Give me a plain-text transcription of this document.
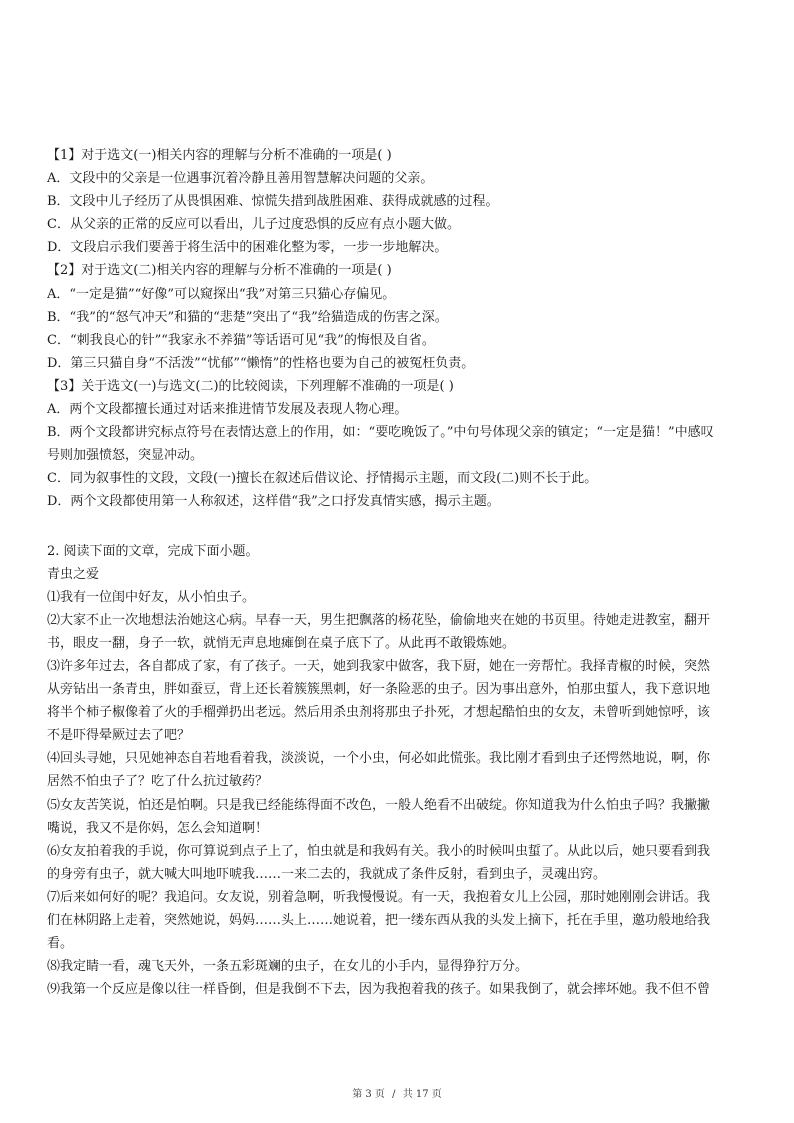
【1】对于选文(一)相关内容的理解与分析不准确的一项是( )
A．文段中的父亲是一位遇事沉着冷静且善用智慧解决问题的父亲。
B．文段中儿子经历了从畏惧困难、惊慌失措到战胜困难、获得成就感的过程。
C．从父亲的正常的反应可以看出，儿子过度恐惧的反应有点小题大做。
D．文段启示我们要善于将生活中的困难化整为零，一步一步地解决。
【2】对于选文(二)相关内容的理解与分析不准确的一项是( )
A．“一定是猫”“好像”可以窥探出“我”对第三只猫心存偏见。
B．“我”的“怒气冲天”和猫的“悲楚”突出了“我”给猫造成的伤害之深。
C．“刺我良心的针”“我家永不养猫”等话语可见“我”的悔恨及自省。
D．第三只猫自身“不活泼”“忧郁”“懒惰”的性格也要为自己的被冤枉负责。
【3】关于选文(一)与选文(二)的比较阅读，下列理解不准确的一项是( )
A．两个文段都擅长通过对话来推进情节发展及表现人物心理。
B．两个文段都讲究标点符号在表情达意上的作用，如：“要吃晚饭了。”中句号体现父亲的镇定；“一定是猫！”中感叹
号则加强愤怒，突显冲动。
C．同为叙事性的文段，文段(一)擅长在叙述后借议论、抒情揭示主题，而文段(二)则不长于此。
D．两个文段都使用第一人称叙述，这样借“我”之口抒发真情实感，揭示主题。
2. 阅读下面的文章，完成下面小题。
青虫之爱
⑴我有一位闺中好友，从小怕虫子。
⑵大家不止一次地想法治她这心病。早春一天，男生把飘落的杨花坠，偷偷地夹在她的书页里。待她走进教室，翻开
书，眼皮一翻，身子一软，就悄无声息地瘫倒在桌子底下了。从此再不敢锻炼她。
⑶许多年过去，各自都成了家，有了孩子。一天，她到我家中做客，我下厨，她在一旁帮忙。我择青椒的时候，突然
从旁钻出一条青虫，胖如蚕豆，背上还长着簇簇黑刺，好一条险恶的虫子。因为事出意外，怕那虫蜇人，我下意识地
将半个柿子椒像着了火的手榴弹扔出老远。然后用杀虫剂将那虫子扑死，才想起酷怕虫的女友，未曾听到她惊呼，该
不是吓得晕厥过去了吧？
⑷回头寻她，只见她神态自若地看着我，淡淡说，一个小虫，何必如此慌张。我比刚才看到虫子还愕然地说，啊，你
居然不怕虫子了？吃了什么抗过敏药？
⑸女友苦笑说，怕还是怕啊。只是我已经能练得面不改色，一般人绝看不出破绽。你知道我为什么怕虫子吗？我撇撇
嘴说，我又不是你妈，怎么会知道啊！
⑹女友拍着我的手说，你可算说到点子上了，怕虫就是和我妈有关。我小的时候叫虫蜇了。从此以后，她只要看到我
的身旁有虫子，就大喊大叫地吓唬我……一来二去的，我就成了条件反射，看到虫子，灵魂出窍。
⑺后来如何好的呢？我追问。女友说，别着急啊，听我慢慢说。有一天，我抱着女儿上公园，那时她刚刚会讲话。我
们在林阴路上走着，突然她说，妈妈……头上……她说着，把一缕东西从我的头发上摘下，托在手里，邀功般地给我
看。
⑻我定睛一看，魂飞天外，一条五彩斑斓的虫子，在女儿的小手内，显得狰狞万分。
⑼我第一个反应是像以往一样昏倒，但是我倒不下去，因为我抱着我的孩子。如果我倒了，就会摔坏她。我不但不曾
第 3 页 / 共 17 页
